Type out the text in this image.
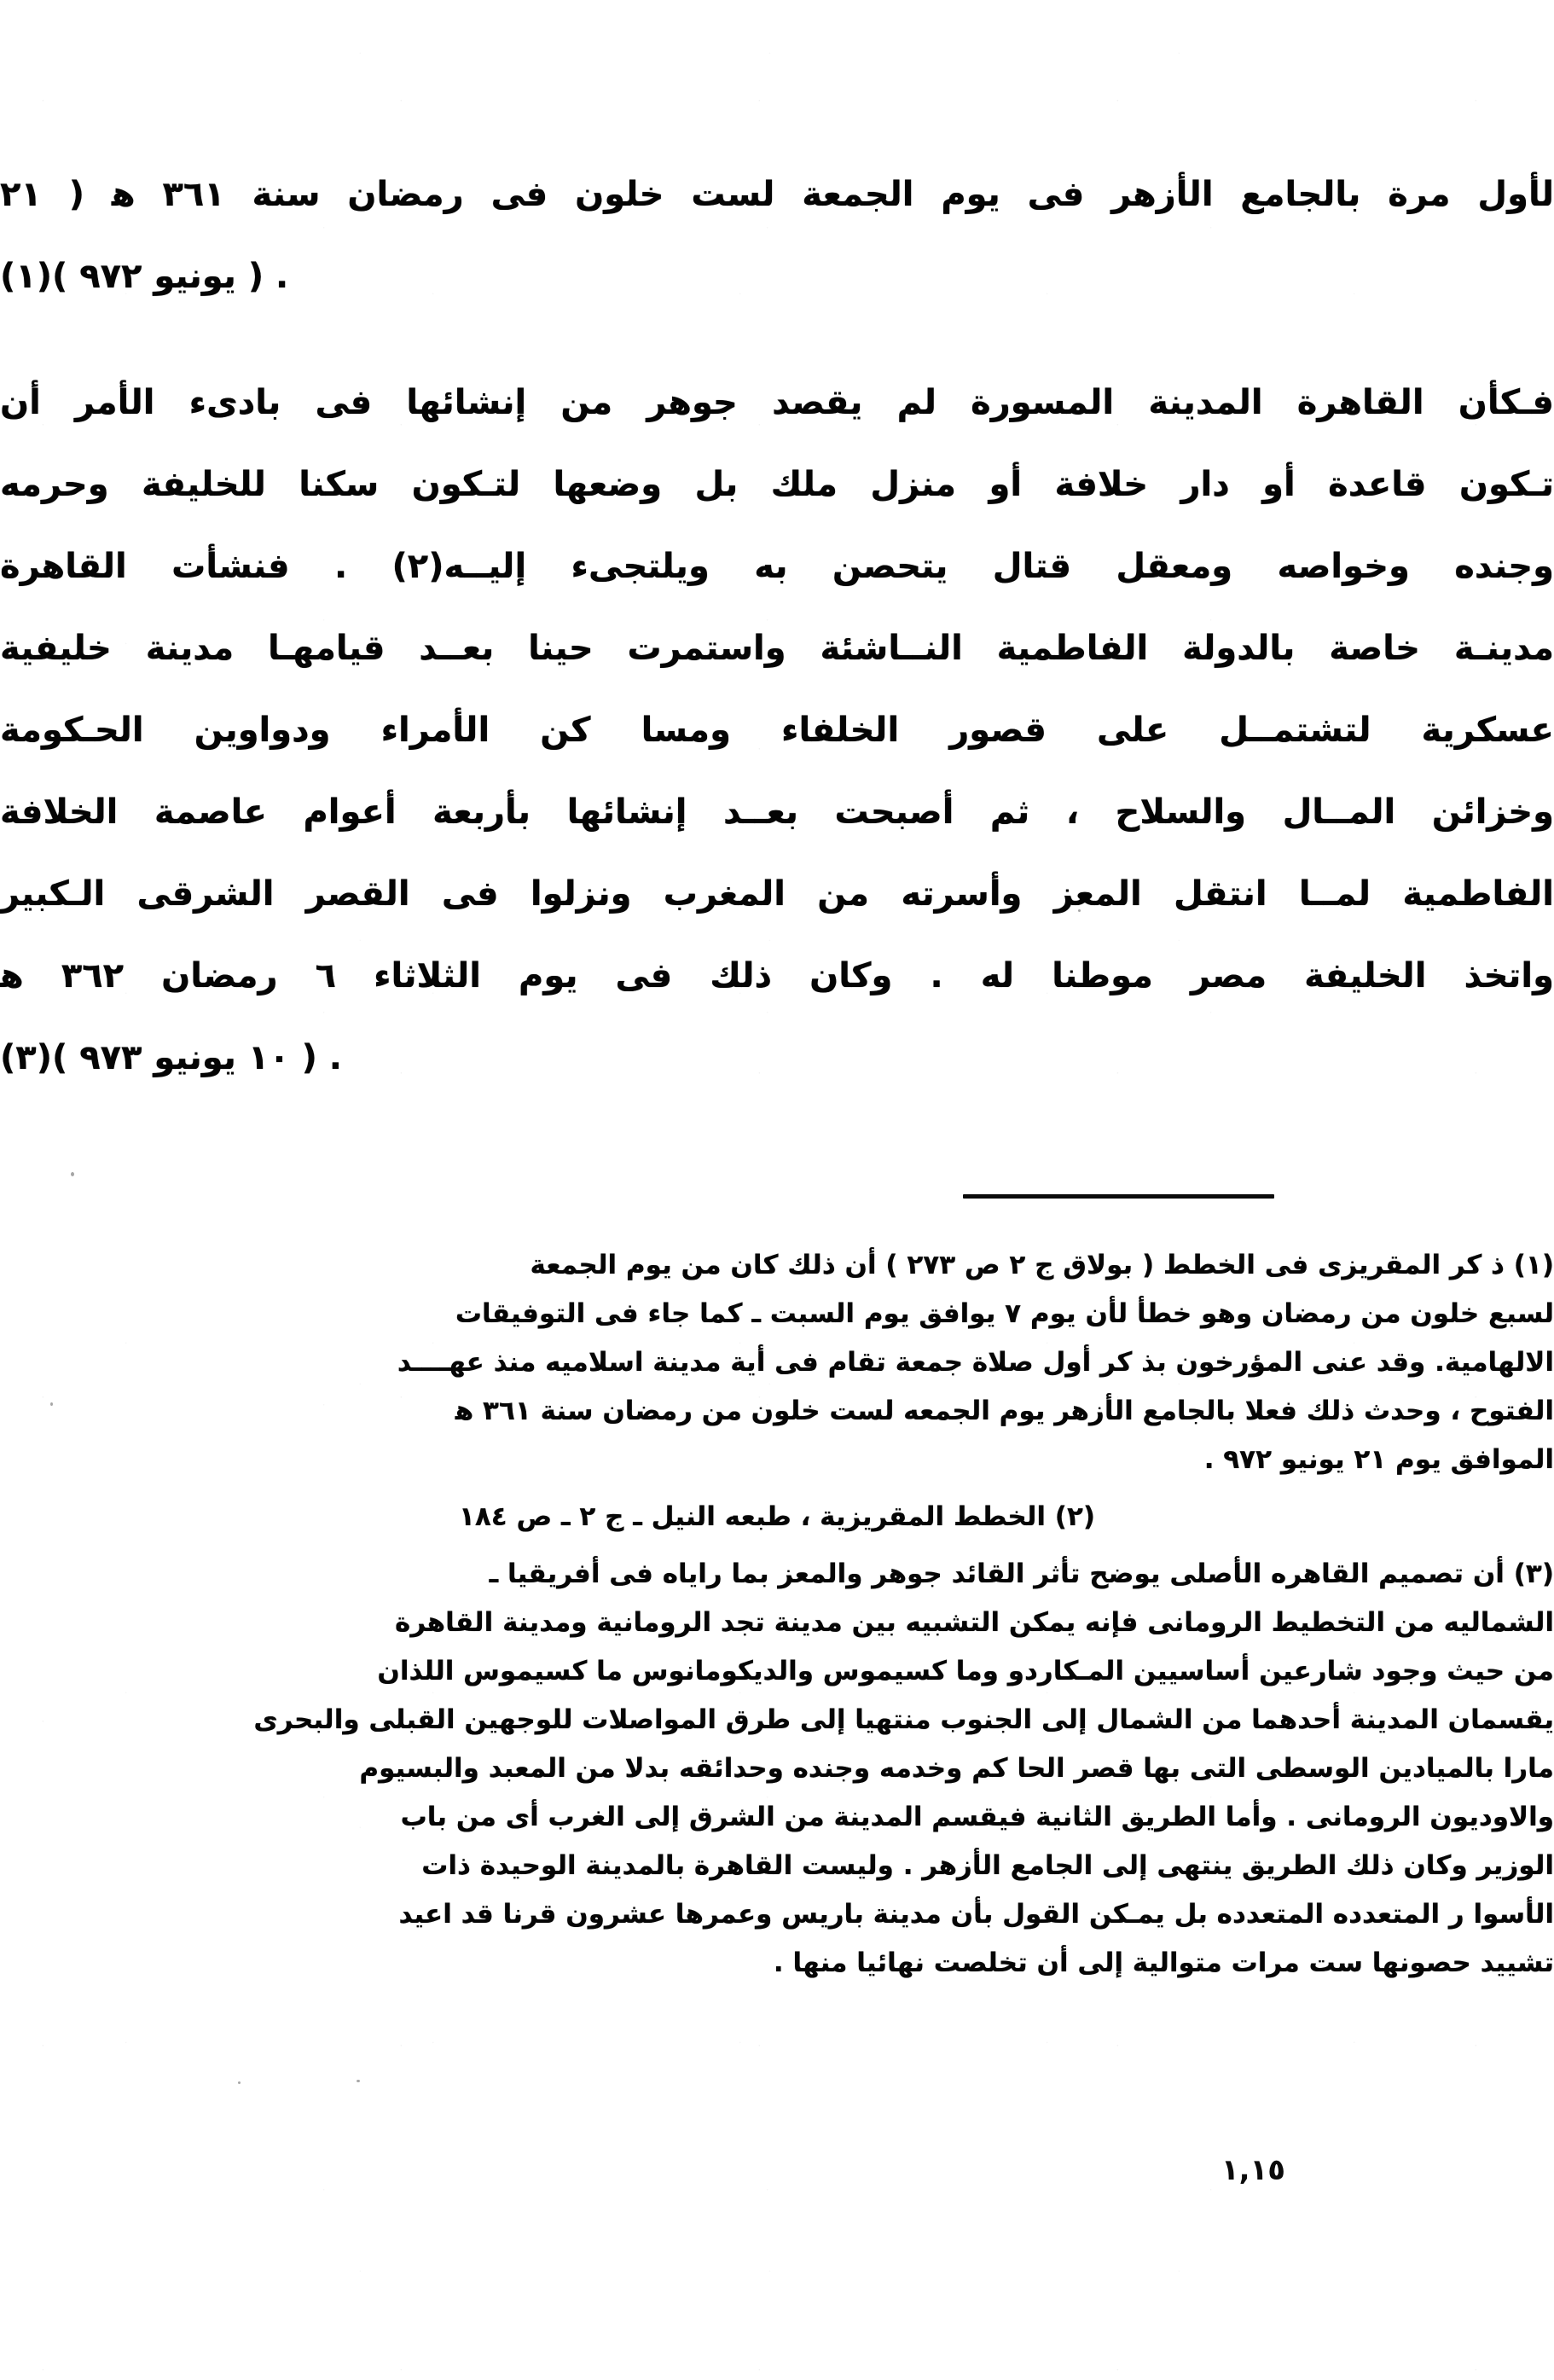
لأول مرة بالجامع الأزهر فى يوم الجمعة لست خلون فى رمضان سنة ٣٦١ ﻫ ( ٢١
. ( يونيو ٩٧٢ )(١)
فـكأن القاهرة المدينة المسورة لم يقصد جوهر من إنشائها فى بادىء الأمر أن
تـكون قاعدة أو دار خلافة أو منزل ملك بل وضعها لتـكون سكنا للخليفة وحرمه
وجنده وخواصه ومعقل قتال يتحصن به ويلتجىء إليــه(٢) . فنشأت القاهرة
مدينـة خاصة بالدولة الفاطمية النــاشئة واستمرت حينا بعــد قيامهـا مدينة خليفية
عسكرية لتشتمــل على قصور الخلفاء ومسا كن الأمراء ودواوين الحـكومة
وخزائن المــال والسلاح ، ثم أصبحت بعــد إنشائها بأربعة أعوام عاصمة الخلافة
الفاطمية لمــا انتقل المعز وأسرته من المغرب ونزلوا فى القصر الشرقى الـكبير
واتخذ الخليفة مصر موطنا له . وكان ذلك فى يوم الثلاثاء ٦ رمضان ٣٦٢ ﻫ
. ( ١٠ يونيو ٩٧٣ )(٣)
(١) ذ كر المقريزى فى الخطط ( بولاق ج ٢ ص ٢٧٣ ) أن ذلك كان من يوم الجمعة
لسبع خلون من رمضان وهو خطأ لأن يوم ٧ يوافق يوم السبت ـ كما جاء فى التوفيقات
الالهامية. وقد عنى المؤرخون بذ كر أول صلاة جمعة تقام فى أية مدينة اسلاميه منذ عهــــد
الفتوح ، وحدث ذلك فعلا بالجامع الأزهر يوم الجمعه لست خلون من رمضان سنة ٣٦١ ﻫ
الموافق يوم ٢١ يونيو ٩٧٢ .
(٢) الخطط المقريزية ، طبعه النيل ـ ج ٢ ـ ص ١٨٤
(٣) أن تصميم القاهره الأصلى يوضح تأثر القائد جوهر والمعز بما راياه فى أفريقيا ـ
الشماليه من التخطيط الرومانى فإنه يمكن التشبيه بين مدينة تجد الرومانية ومدينة القاهرة
من حيث وجود شارعين أساسيين المـكاردو وما كسيموس والديكومانوس ما كسيموس اللذان
يقسمان المدينة أحدهما من الشمال إلى الجنوب منتهيا إلى طرق المواصلات للوجهين القبلى والبحرى
مارا بالميادين الوسطى التى بها قصر الحا كم وخدمه وجنده وحدائقه بدلا من المعبد والبسيوم
والاوديون الرومانى . وأما الطريق الثانية فيقسم المدينة من الشرق إلى الغرب أى من باب
الوزير وكان ذلك الطريق ينتهى إلى الجامع الأزهر . وليست القاهرة بالمدينة الوحيدة ذات
الأسوا ر المتعدده المتعدده بل يمـكن القول بأن مدينة باريس وعمرها عشرون قرنا قد اعيد
تشييد حصونها ست مرات متوالية إلى أن تخلصت نهائيا منها .
١,١٥
